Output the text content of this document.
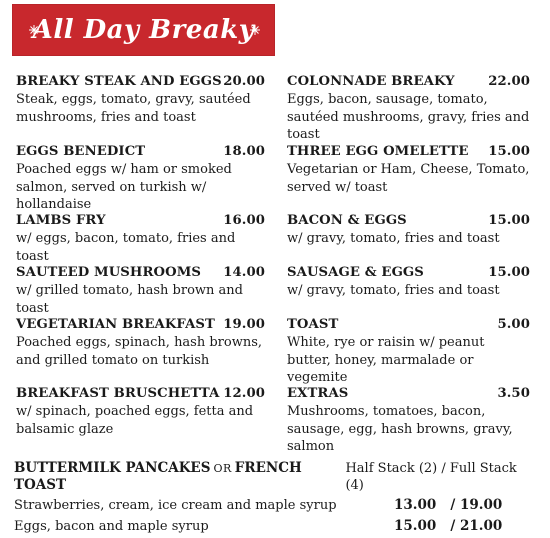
All Day Breaky
BREAKY STEAK AND EGGS 20.00
Steak, eggs, tomato, gravy, sautéed mushrooms, fries and toast
EGGS BENEDICT	18.00
Poached eggs w/ ham or smoked salmon, served on turkish w/ hollandaise
LAMBS FRY	16.00
w/ eggs, bacon, tomato, fries and toast
SAUTEED MUSHROOMS 14.00
w/ grilled tomato, hash brown and toast
VEGETARIAN BREAKFAST 19.00
Poached eggs, spinach, hash browns, and grilled tomato on turkish
BREAKFAST BRUSCHETTA 12.00
w/ spinach, poached eggs, fetta and balsamic glaze
COLONNADE BREAKY	22.00
Eggs, bacon, sausage, tomato, sautéed mushrooms, gravy, fries and toast
THREE EGG OMELETTE 15.00
Vegetarian or Ham, Cheese, Tomato, served w/ toast
BACON & EGGS	15.00
w/ gravy, tomato, fries and toast
SAUSAGE & EGGS	15.00
w/ gravy, tomato, fries and toast
TOAST	5.00
White, rye or raisin w/ peanut butter, honey, marmalade or vegemite
EXTRAS	3.50
Mushrooms, tomatoes, bacon, sausage, egg, hash browns, gravy, salmon
BUTTERMILK PANCAKES OR FRENCH TOAST
Half Stack (2) / Full Stack (4)
Strawberries, cream, ice cream and maple syrup	13.00   / 19.00
Eggs, bacon and maple syrup	15.00   / 21.00
